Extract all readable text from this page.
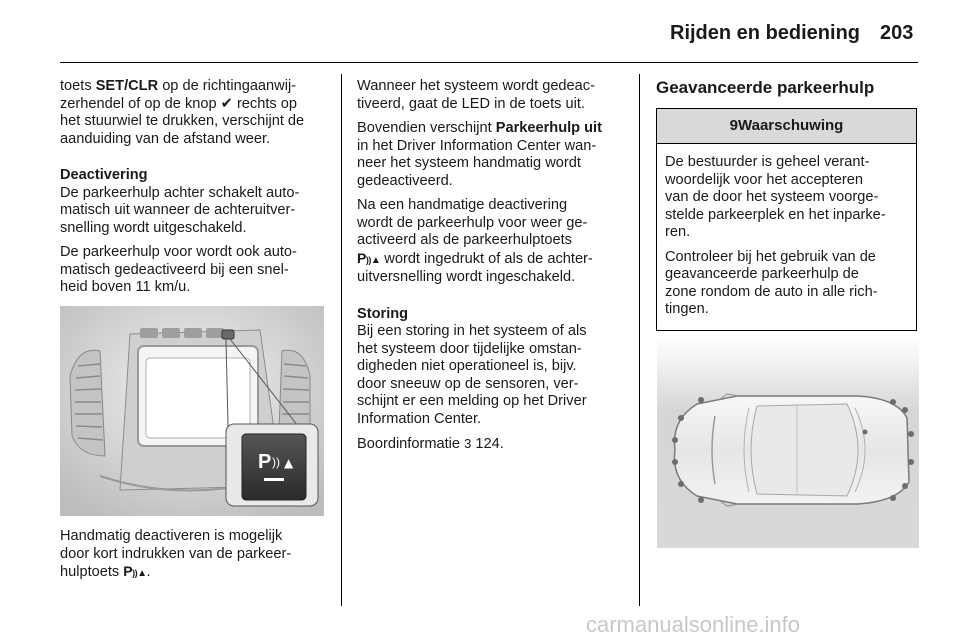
Rijden en bediening 203

toets SET/CLR op de richtingaanwij-
zerhendel of op de knop ✔ rechts op
het stuurwiel te drukken, verschijnt de
aanduiding van de afstand weer.

Deactivering

De parkeerhulp achter schakelt auto-
matisch uit wanneer de achteruitver-
snelling wordt uitgeschakeld.

De parkeerhulp voor wordt ook auto-
matisch gedeactiveerd bij een snel-
heid boven 11 km/u.

P )) ▲
Handmatig deactiveren is mogelijk
door kort indrukken van de parkeer-
hulptoets P))▲.

Wanneer het systeem wordt gedeac-
tiveerd, gaat de LED in de toets uit.

Bovendien verschijnt Parkeerhulp uit
in het Driver Information Center wan-
neer het systeem handmatig wordt
gedeactiveerd.

Na een handmatige deactivering
wordt de parkeerhulp voor weer ge-
activeerd als de parkeerhulptoets
P))▲ wordt ingedrukt of als de achter-
uitversnelling wordt ingeschakeld.

Storing

Bij een storing in het systeem of als
het systeem door tijdelijke omstan-
digheden niet operationeel is, bijv.
door sneeuw op de sensoren, ver-
schijnt er een melding op het Driver
Information Center.

Boordinformatie 3 124.

Geavanceerde parkeerhulp
9 Waarschuwing

De bestuurder is geheel verant-
woordelijk voor het accepteren
van de door het systeem voorge-
stelde parkeerplek en het inparke-
ren.

Controleer bij het gebruik van de
geavanceerde parkeerhulp de
zone rondom de auto in alle rich-
tingen.

carmanualsonline.info
